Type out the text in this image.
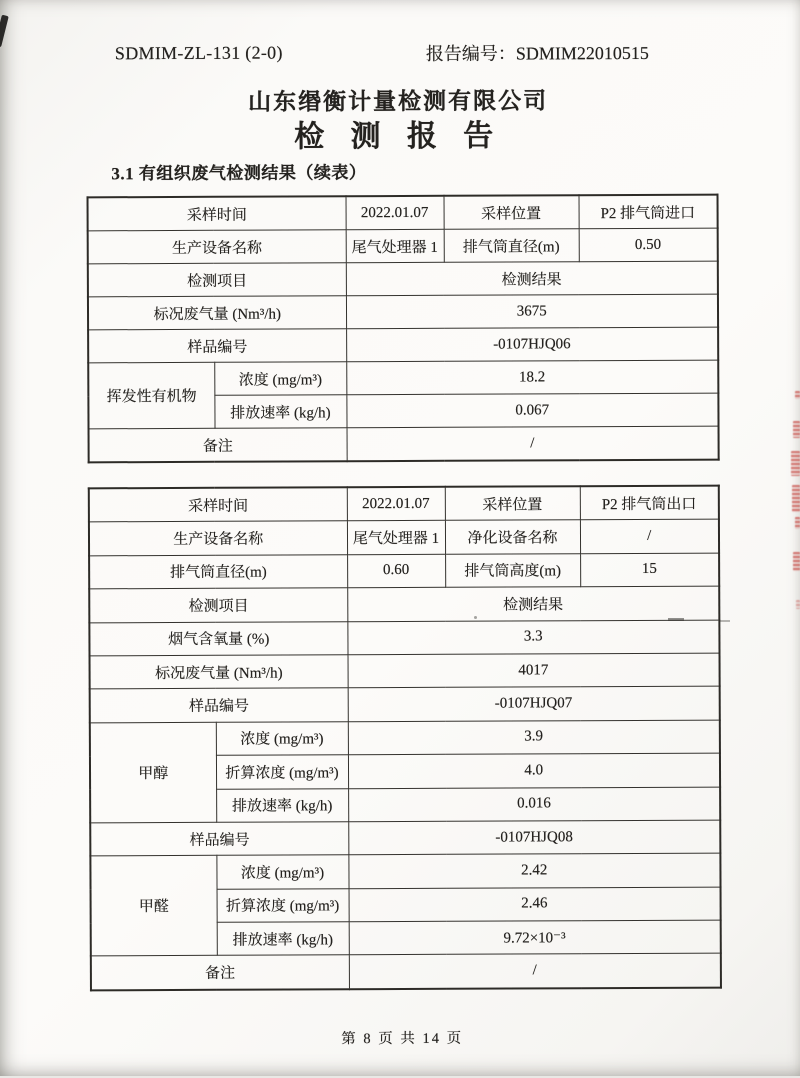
SDMIM-ZL-131 (2-0)	报告编号：SDMIM22010515
山东缗衡计量检测有限公司
检 测 报 告
3.1 有组织废气检测结果（续表）
采样时间		2022.01.07	采样位置	P2 排气筒进口
生产设备名称		尾气处理器 1	排气筒直径(m)	0.50
检测项目		检测结果		
标况废气量 (Nm³/h)		3675		
样品编号		-0107HJQ06		
挥发性有机物	浓度 (mg/m³)	18.2		
	排放速率 (kg/h)	0.067		
备注		/		
采样时间		2022.01.07	采样位置	P2 排气筒出口
生产设备名称		尾气处理器 1	净化设备名称	/
排气筒直径(m)		0.60	排气筒高度(m)	15
检测项目		检测结果		
烟气含氧量 (%)		3.3		
标况废气量 (Nm³/h)		4017		
样品编号		-0107HJQ07		
甲醇	浓度 (mg/m³)	3.9		
	折算浓度 (mg/m³)	4.0		
	排放速率 (kg/h)	0.016		
样品编号		-0107HJQ08		
甲醛	浓度 (mg/m³)	2.42		
	折算浓度 (mg/m³)	2.46		
	排放速率 (kg/h)	9.72×10⁻³		
备注		/		
第 8 页 共 14 页
